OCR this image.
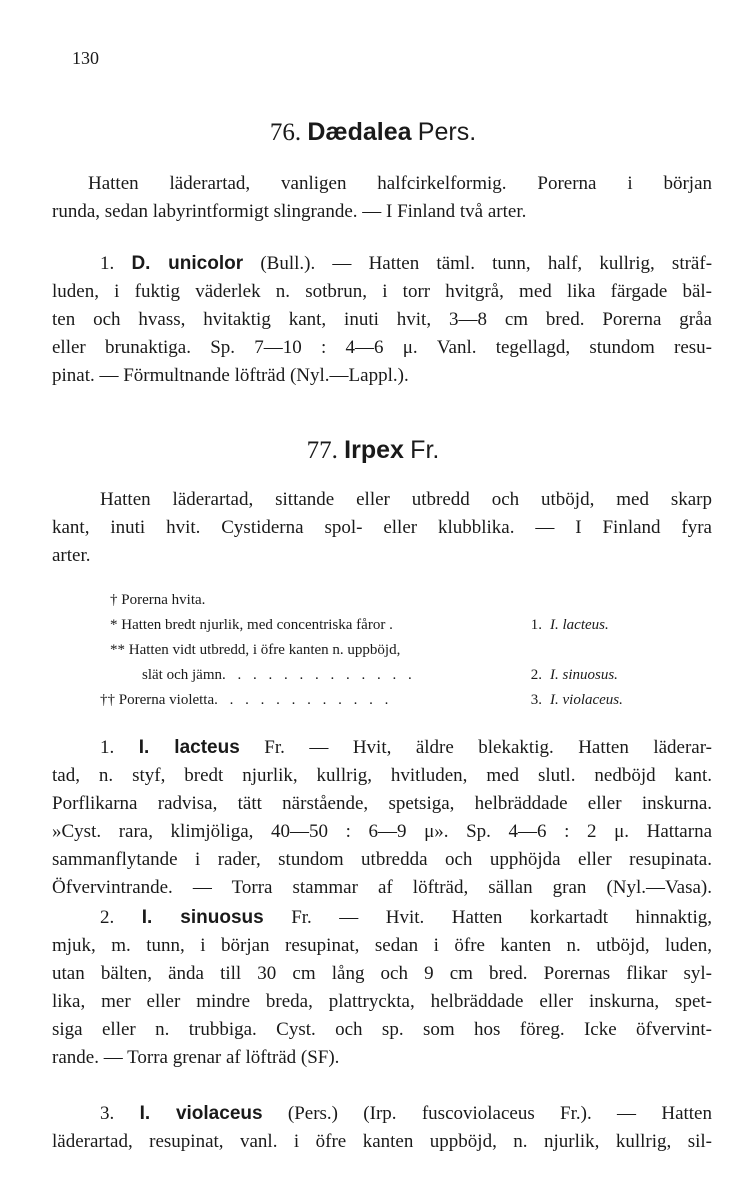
130
76. Dædalea Pers.
Hatten läderartad, vanligen halfcirkelformig. Porerna i början
runda, sedan labyrintformigt slingrande. — I Finland två arter.
1. D. unicolor (Bull.). — Hatten täml. tunn, half, kullrig, sträf-
luden, i fuktig väderlek n. sotbrun, i torr hvitgrå, med lika färgade bäl-
ten och hvass, hvitaktig kant, inuti hvit, 3—8 cm bred. Porerna gråa
eller brunaktiga. Sp. 7—10 : 4—6 μ. Vanl. tegellagd, stundom resu-
pinat. — Förmultnande löfträd (Nyl.—Lappl.).
77. Irpex Fr.
Hatten läderartad, sittande eller utbredd och utböjd, med skarp
kant, inuti hvit. Cystiderna spol- eller klubblika. — I Finland fyra
arter.
† Porerna hvita.
* Hatten bredt njurlik, med concentriska fåror .	1. I. lacteus.
** Hatten vidt utbredd, i öfre kanten n. uppböjd,
slät och jämn . . . . . . . . . . . . .	2. I. sinuosus.
†† Porerna violetta . . . . . . . . . . . .	3. I. violaceus.
1. I. lacteus Fr. — Hvit, äldre blekaktig. Hatten läderar-
tad, n. styf, bredt njurlik, kullrig, hvitluden, med slutl. nedböjd kant.
Porflikarna radvisa, tätt närstående, spetsiga, helbräddade eller inskurna.
»Cyst. rara, klimjöliga, 40—50 : 6—9 μ». Sp. 4—6 : 2 μ. Hattarna
sammanflytande i rader, stundom utbredda och upphöjda eller resupinata.
Öfvervintrande. — Torra stammar af löfträd, sällan gran (Nyl.—Vasa).
2. I. sinuosus Fr. — Hvit. Hatten korkartadt hinnaktig,
mjuk, m. tunn, i början resupinat, sedan i öfre kanten n. utböjd, luden,
utan bälten, ända till 30 cm lång och 9 cm bred. Porernas flikar syl-
lika, mer eller mindre breda, plattryckta, helbräddade eller inskurna, spet-
siga eller n. trubbiga. Cyst. och sp. som hos föreg. Icke öfvervint-
rande. — Torra grenar af löfträd (SF).
3. I. violaceus (Pers.) (Irp. fuscoviolaceus Fr.). — Hatten
läderartad, resupinat, vanl. i öfre kanten uppböjd, n. njurlik, kullrig, sil-
